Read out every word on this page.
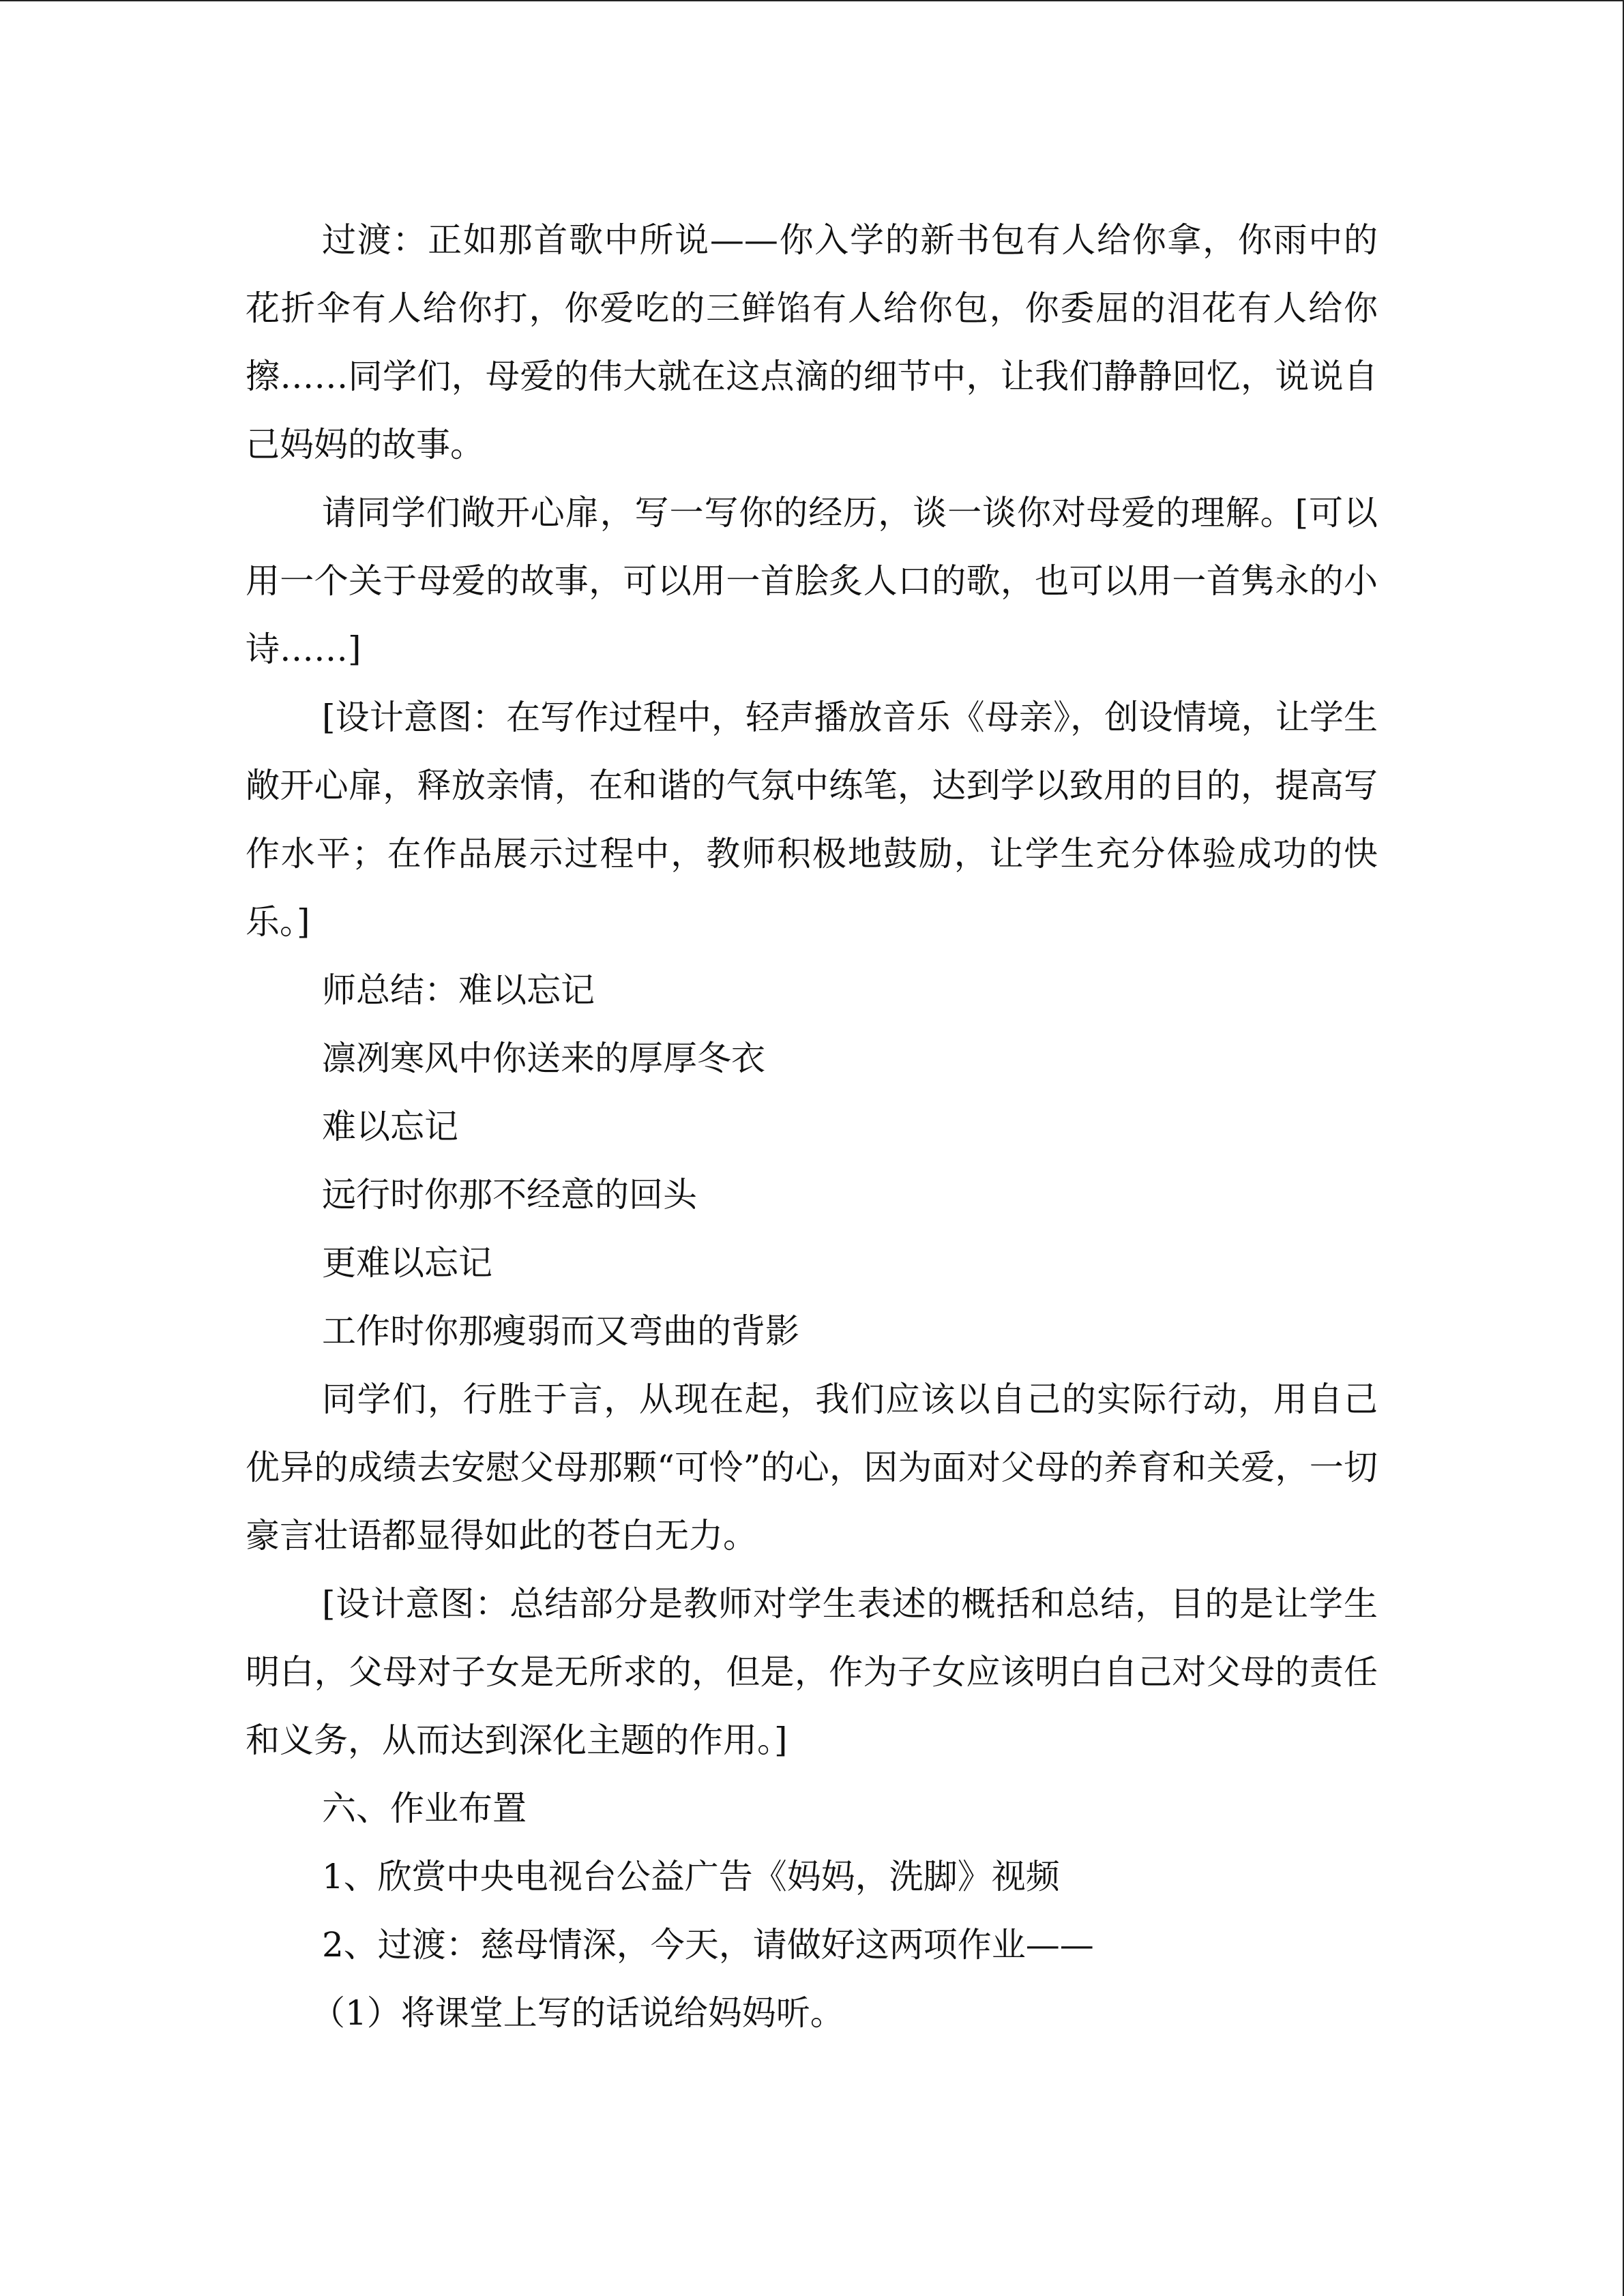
过渡：正如那首歌中所说——你入学的新书包有人给你拿，你雨中的花折伞有人给你打，你爱吃的三鲜馅有人给你包，你委屈的泪花有人给你擦……同学们，母爱的伟大就在这点滴的细节中，让我们静静回忆，说说自己妈妈的故事。

请同学们敞开心扉，写一写你的经历，谈一谈你对母爱的理解。[可以用一个关于母爱的故事，可以用一首脍炙人口的歌，也可以用一首隽永的小诗……]

[设计意图：在写作过程中，轻声播放音乐《母亲》，创设情境，让学生敞开心扉，释放亲情，在和谐的气氛中练笔，达到学以致用的目的，提高写作水平；在作品展示过程中，教师积极地鼓励，让学生充分体验成功的快乐。]

师总结：难以忘记

凛冽寒风中你送来的厚厚冬衣

难以忘记

远行时你那不经意的回头

更难以忘记

工作时你那瘦弱而又弯曲的背影

同学们，行胜于言，从现在起，我们应该以自己的实际行动，用自己优异的成绩去安慰父母那颗“可怜”的心，因为面对父母的养育和关爱，一切豪言壮语都显得如此的苍白无力。

[设计意图：总结部分是教师对学生表述的概括和总结，目的是让学生明白，父母对子女是无所求的，但是，作为子女应该明白自己对父母的责任和义务，从而达到深化主题的作用。]

六、作业布置

1、欣赏中央电视台公益广告《妈妈，洗脚》视频

2、过渡：慈母情深，今天，请做好这两项作业——

（1）将课堂上写的话说给妈妈听。
